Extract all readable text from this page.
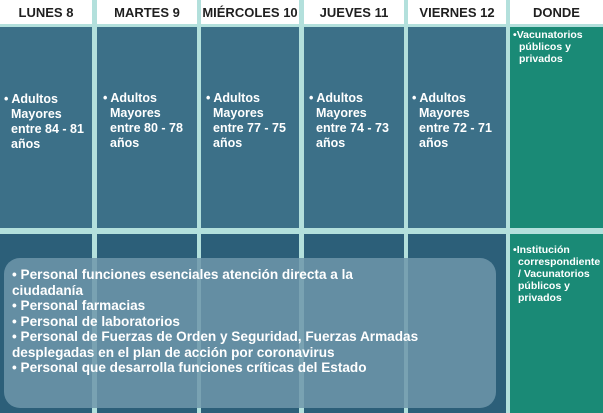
LUNES 8	MARTES 9 MIÉRCOLES 10 JUEVES 11 VIERNES 12	DONDE
• Adultos
Mayores
entre 84 - 81
años
• Adultos
Mayores
entre 80 - 78
años
• Adultos
Mayores
entre 77 - 75
años
• Adultos
Mayores
entre 74 - 73
años
• Adultos
Mayores
entre 72 - 71
años
•Vacunatorios
públicos y
privados
•Institución
correspondiente
/ Vacunatorios
públicos y
privados
• Personal funciones esenciales atención directa a la
ciudadanía
• Personal farmacias
• Personal de laboratorios
• Personal de Fuerzas de Orden y Seguridad, Fuerzas Armadas
desplegadas en el plan de acción por coronavirus
• Personal que desarrolla funciones críticas del Estado
